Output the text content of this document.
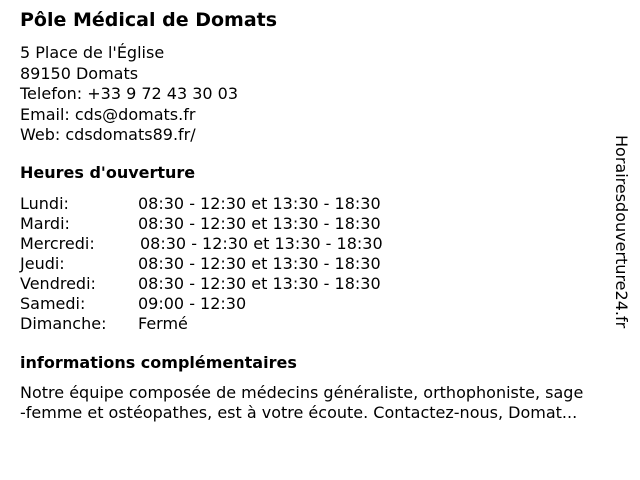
Pôle Médical de Domats
5 Place de l'Église
89150 Domats
Telefon: +33 9 72 43 30 03
Email: cds@domats.fr
Web: cdsdomats89.fr/
Heures d'ouverture
Lundi:	08:30 - 12:30 et 13:30 - 18:30
Mardi:	08:30 - 12:30 et 13:30 - 18:30
Mercredi:	08:30 - 12:30 et 13:30 - 18:30
Jeudi:	08:30 - 12:30 et 13:30 - 18:30
Vendredi:	08:30 - 12:30 et 13:30 - 18:30
Samedi:	09:00 - 12:30
Dimanche: Fermé
informations complémentaires
Notre équipe composée de médecins généraliste, orthophoniste, sage
-femme et ostéopathes, est à votre écoute. Contactez-nous, Domat...
Horairesdouverture24.fr
